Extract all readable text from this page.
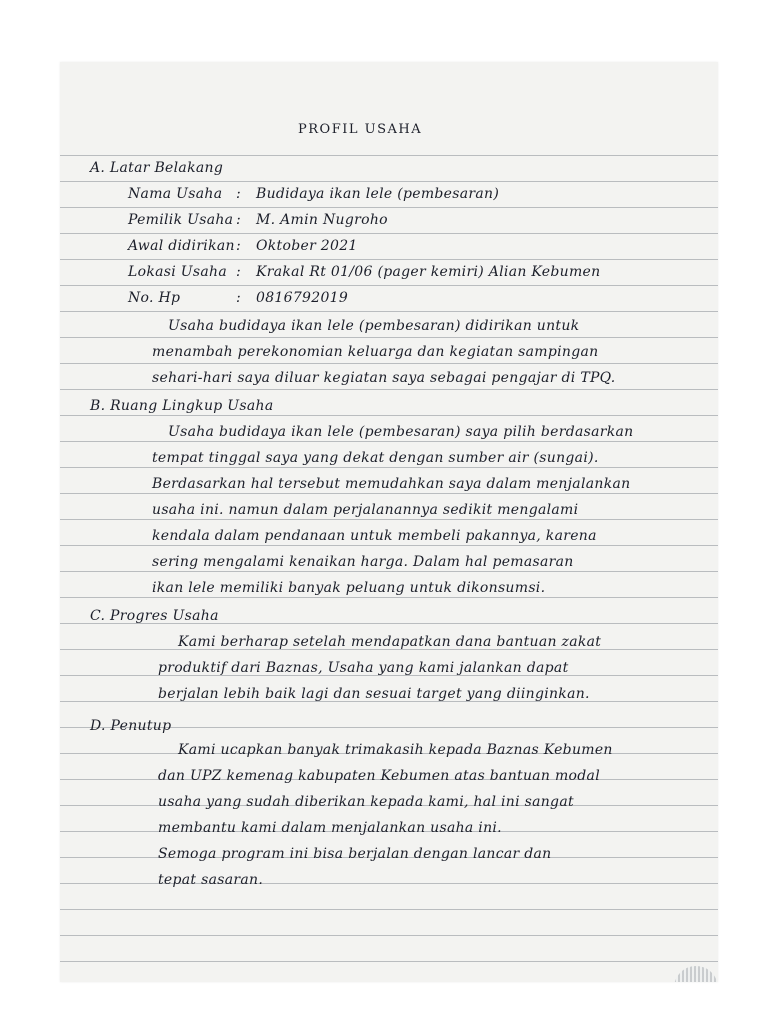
PROFIL USAHA
A. Latar Belakang
Nama Usaha : Budidaya ikan lele (pembesaran)
Pemilik Usaha : M. Amin Nugroho
Awal didirikan : Oktober 2021
Lokasi Usaha : Krakal Rt 01/06 (pager kemiri) Alian Kebumen
No. Hp	: 0816792019
Usaha budidaya ikan lele (pembesaran) didirikan untuk
menambah perekonomian keluarga dan kegiatan sampingan
sehari-hari saya diluar kegiatan saya sebagai pengajar di TPQ.
B. Ruang Lingkup Usaha
Usaha budidaya ikan lele (pembesaran) saya pilih berdasarkan
tempat tinggal saya yang dekat dengan sumber air (sungai).
Berdasarkan hal tersebut memudahkan saya dalam menjalankan
usaha ini. namun dalam perjalanannya sedikit mengalami
kendala dalam pendanaan untuk membeli pakannya, karena
sering mengalami kenaikan harga. Dalam hal pemasaran
ikan lele memiliki banyak peluang untuk dikonsumsi.
C. Progres Usaha
Kami berharap setelah mendapatkan dana bantuan zakat
produktif dari Baznas, Usaha yang kami jalankan dapat
berjalan lebih baik lagi dan sesuai target yang diinginkan.
D. Penutup
Kami ucapkan banyak trimakasih kepada Baznas Kebumen
dan UPZ kemenag kabupaten Kebumen atas bantuan modal
usaha yang sudah diberikan kepada kami, hal ini sangat
membantu kami dalam menjalankan usaha ini.
Semoga program ini bisa berjalan dengan lancar dan
tepat sasaran.
